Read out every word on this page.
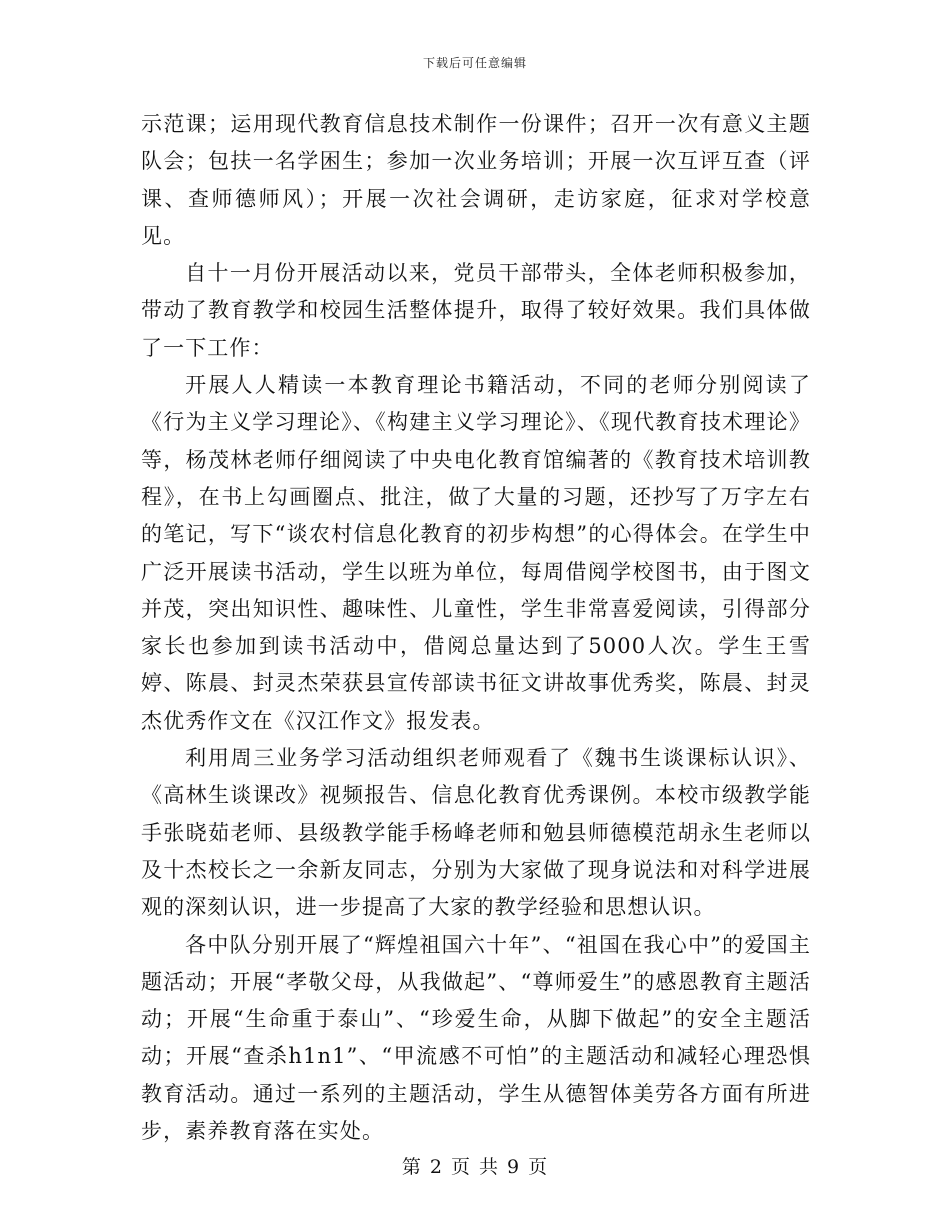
下载后可任意编辑

示范课；运用现代教育信息技术制作一份课件；召开一次有意义主题队会；包扶一名学困生；参加一次业务培训；开展一次互评互查（评课、查师德师风）；开展一次社会调研，走访家庭，征求对学校意见。

自十一月份开展活动以来，党员干部带头，全体老师积极参加，带动了教育教学和校园生活整体提升，取得了较好效果。我们具体做了一下工作：

开展人人精读一本教育理论书籍活动，不同的老师分别阅读了《行为主义学习理论》、《构建主义学习理论》、《现代教育技术理论》等，杨茂林老师仔细阅读了中央电化教育馆编著的《教育技术培训教程》，在书上勾画圈点、批注，做了大量的习题，还抄写了万字左右的笔记，写下“谈农村信息化教育的初步构想”的心得体会。在学生中广泛开展读书活动，学生以班为单位，每周借阅学校图书，由于图文并茂，突出知识性、趣味性、儿童性，学生非常喜爱阅读，引得部分家长也参加到读书活动中，借阅总量达到了5000人次。学生王雪婷、陈晨、封灵杰荣获县宣传部读书征文讲故事优秀奖，陈晨、封灵杰优秀作文在《汉江作文》报发表。

利用周三业务学习活动组织老师观看了《魏书生谈课标认识》、《高林生谈课改》视频报告、信息化教育优秀课例。本校市级教学能手张晓茹老师、县级教学能手杨峰老师和勉县师德模范胡永生老师以及十杰校长之一余新友同志，分别为大家做了现身说法和对科学进展观的深刻认识，进一步提高了大家的教学经验和思想认识。

各中队分别开展了“辉煌祖国六十年”、“祖国在我心中”的爱国主题活动；开展“孝敬父母，从我做起”、“尊师爱生”的感恩教育主题活动；开展“生命重于泰山”、“珍爱生命，从脚下做起”的安全主题活动；开展“查杀h1n1”、“甲流感不可怕”的主题活动和减轻心理恐惧教育活动。通过一系列的主题活动，学生从德智体美劳各方面有所进步，素养教育落在实处。

第 2 页 共 9 页
